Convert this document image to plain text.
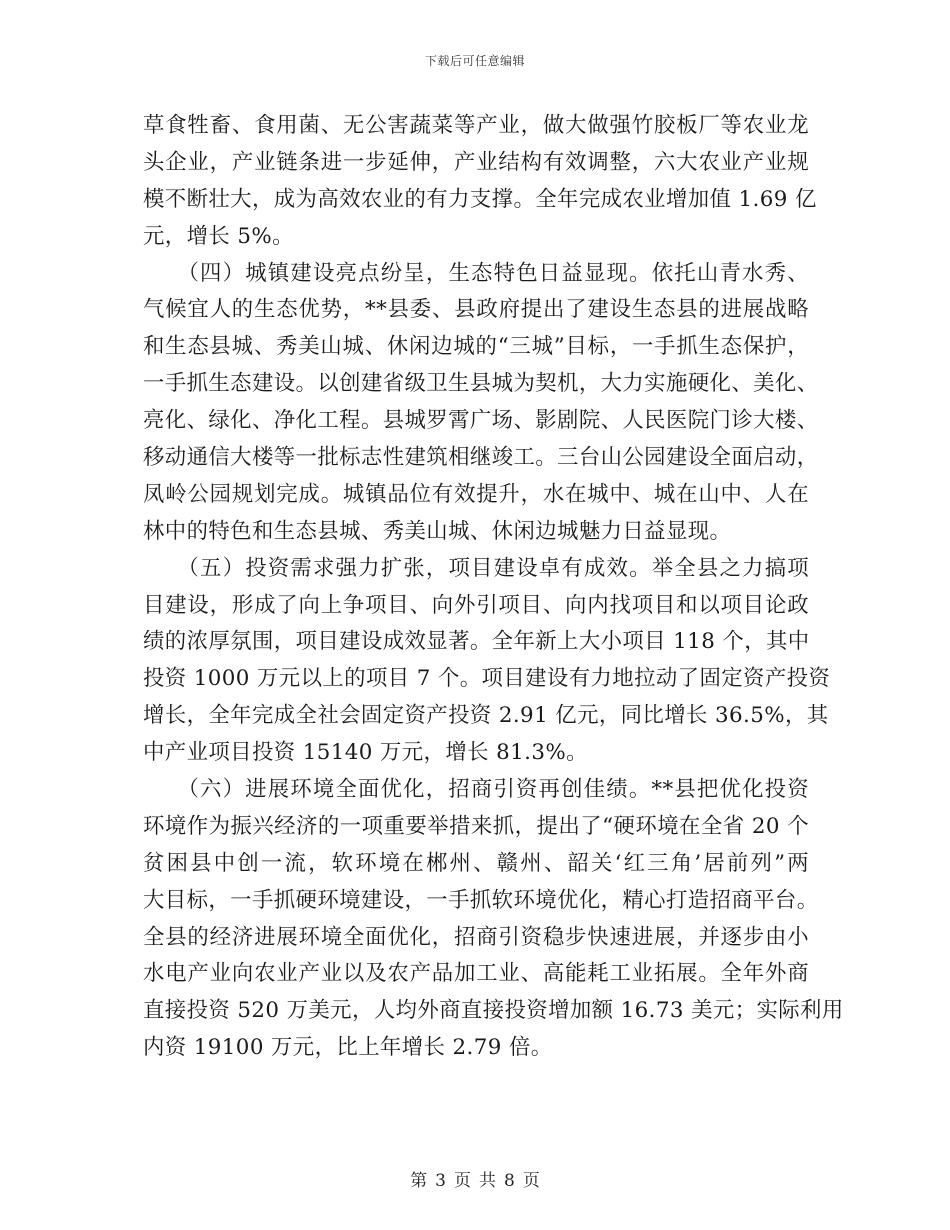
下载后可任意编辑
草食牲畜、食用菌、无公害蔬菜等产业，做大做强竹胶板厂等农业龙
头企业，产业链条进一步延伸，产业结构有效调整，六大农业产业规
模不断壮大，成为高效农业的有力支撑。全年完成农业增加值 1.69 亿
元，增长 5%。
　　（四）城镇建设亮点纷呈，生态特色日益显现。依托山青水秀、
气候宜人的生态优势，**县委、县政府提出了建设生态县的进展战略
和生态县城、秀美山城、休闲边城的“三城”目标，一手抓生态保护，
一手抓生态建设。以创建省级卫生县城为契机，大力实施硬化、美化、
亮化、绿化、净化工程。县城罗霄广场、影剧院、人民医院门诊大楼、
移动通信大楼等一批标志性建筑相继竣工。三台山公园建设全面启动，
凤岭公园规划完成。城镇品位有效提升，水在城中、城在山中、人在
林中的特色和生态县城、秀美山城、休闲边城魅力日益显现。
　　（五）投资需求强力扩张，项目建设卓有成效。举全县之力搞项
目建设，形成了向上争项目、向外引项目、向内找项目和以项目论政
绩的浓厚氛围，项目建设成效显著。全年新上大小项目 118 个，其中
投资 1000 万元以上的项目 7 个。项目建设有力地拉动了固定资产投资
增长，全年完成全社会固定资产投资 2.91 亿元，同比增长 36.5%，其
中产业项目投资 15140 万元，增长 81.3%。
　　（六）进展环境全面优化，招商引资再创佳绩。**县把优化投资
环境作为振兴经济的一项重要举措来抓，提出了“硬环境在全省 20 个
贫困县中创一流，软环境在郴州、赣州、韶关‘红三角’居前列”两
大目标，一手抓硬环境建设，一手抓软环境优化，精心打造招商平台。
全县的经济进展环境全面优化，招商引资稳步快速进展，并逐步由小
水电产业向农业产业以及农产品加工业、高能耗工业拓展。全年外商
直接投资 520 万美元，人均外商直接投资增加额 16.73 美元；实际利用
内资 19100 万元，比上年增长 2.79 倍。
第 3 页 共 8 页
